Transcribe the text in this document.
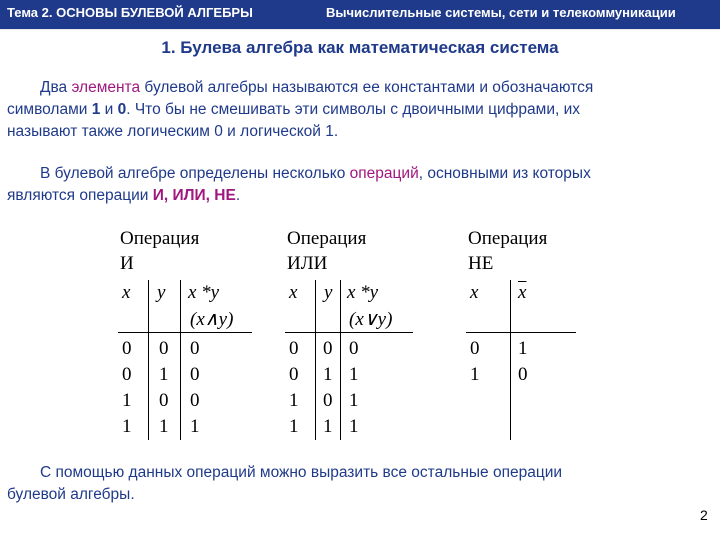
Тема 2. ОСНОВЫ БУЛЕВОЙ АЛГЕБРЫ	Вычислительные системы, сети и телекоммуникации
1. Булева алгебра как математическая система
Два элемента булевой алгебры называются ее константами и обозначаются
символами 1 и 0. Что бы не смешивать эти символы с двоичными цифрами, их
называют также логическим 0 и логической 1.
В булевой алгебре определены несколько операций, основными из которых
являются операции И, ИЛИ, НЕ.
Операция
И
x y x *y
(x∧y)
0 0 0
0 1 0
1 0 0
1 1 1
Операция
ИЛИ
x y x *y
(x∨y)
0 0 0
0 1 1
1 0 1
1 1 1
Операция
НЕ
x $\overline{x}$
0 1
1 0
С помощью данных операций можно выразить все остальные операции
булевой алгебры.
2
